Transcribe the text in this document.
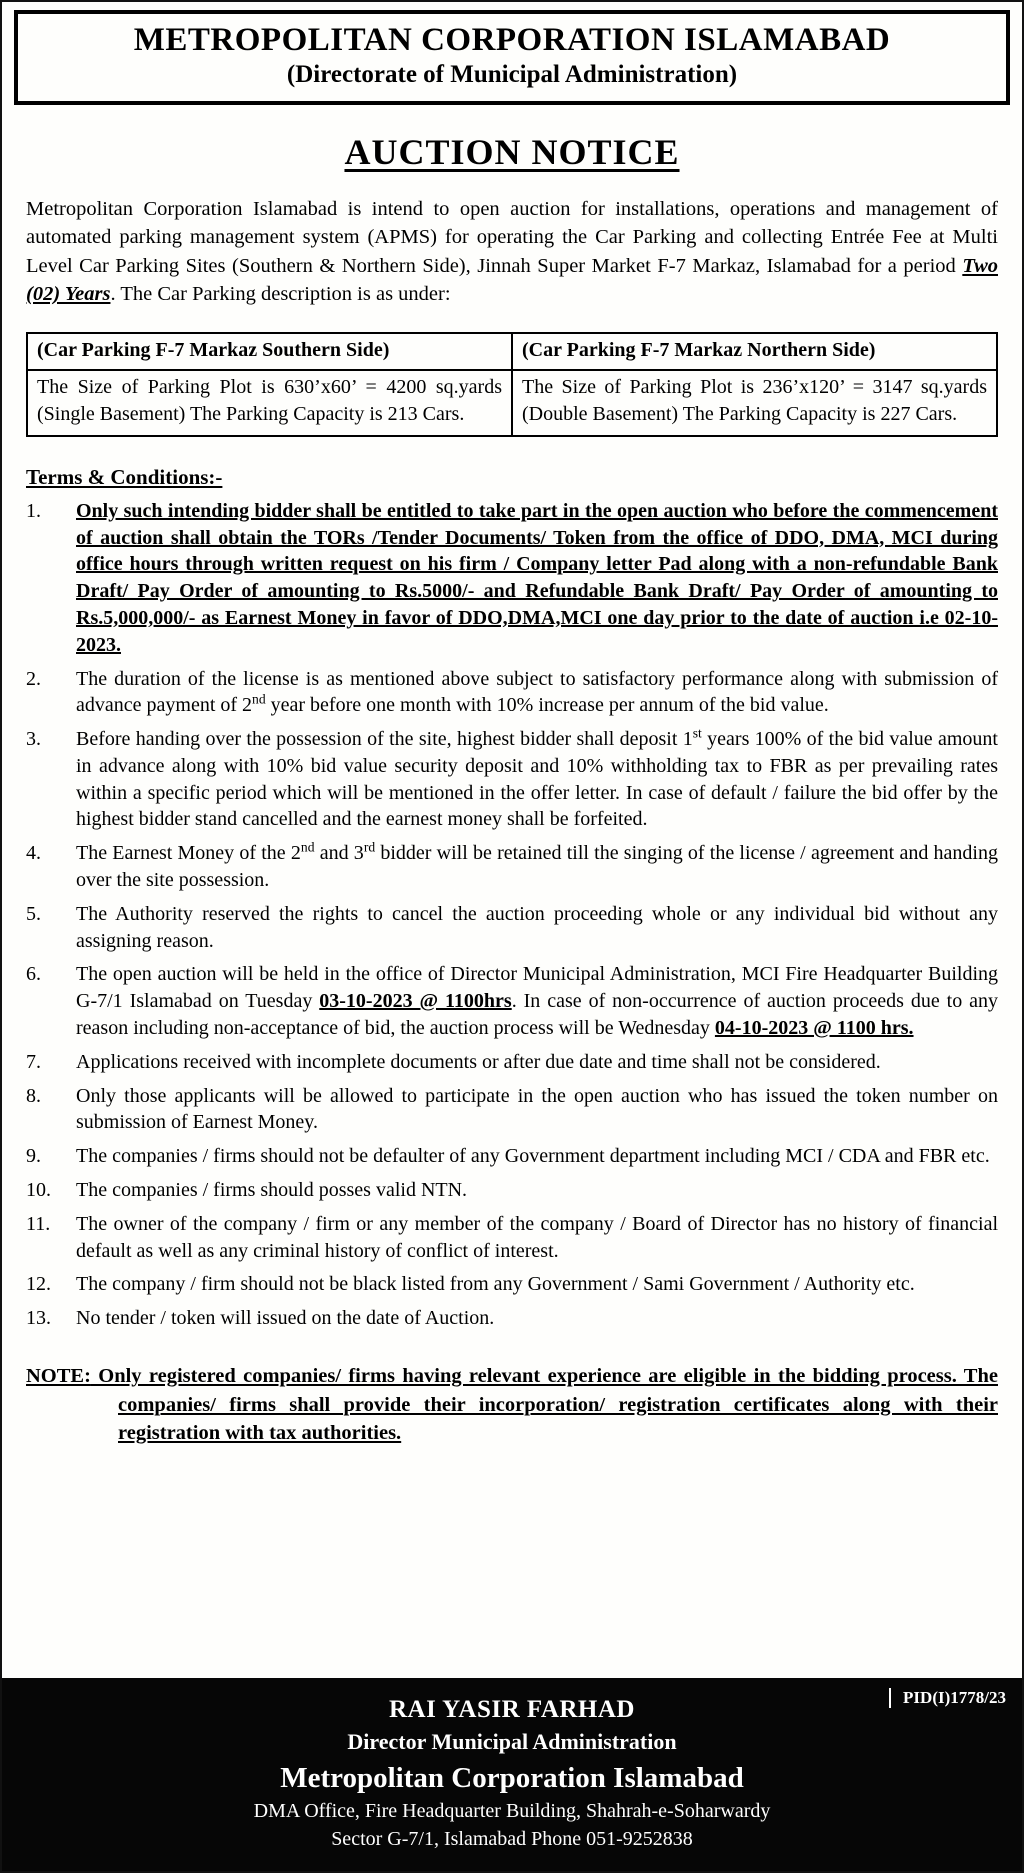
METROPOLITAN CORPORATION ISLAMABAD
(Directorate of Municipal Administration)
AUCTION NOTICE

Metropolitan Corporation Islamabad is intend to open auction for installations, operations and management of automated parking management system (APMS) for operating the Car Parking and collecting Entrée Fee at Multi Level Car Parking Sites (Southern & Northern Side), Jinnah Super Market F-7 Markaz, Islamabad for a period Two (02) Years. The Car Parking description is as under:

(Car Parking F-7 Markaz Southern Side)	(Car Parking F-7 Markaz Northern Side)
The Size of Parking Plot is 630’x60’ = 4200 sq.yards (Single Basement) The Parking Capacity is 213 Cars.	The Size of Parking Plot is 236’x120’ = 3147 sq.yards (Double Basement) The Parking Capacity is 227 Cars.
Terms & Conditions:-
1.	Only such intending bidder shall be entitled to take part in the open auction who before the commencement of auction shall obtain the TORs /Tender Documents/ Token from the office of DDO, DMA, MCI during office hours through written request on his firm / Company letter Pad along with a non-refundable Bank Draft/ Pay Order of amounting to Rs.5000/- and Refundable Bank Draft/ Pay Order of amounting to Rs.5,000,000/- as Earnest Money in favor of DDO,DMA,MCI one day prior to the date of auction i.e 02-10-2023.
2.	The duration of the license is as mentioned above subject to satisfactory performance along with submission of advance payment of 2nd year before one month with 10% increase per annum of the bid value.
3.	Before handing over the possession of the site, highest bidder shall deposit 1st years 100% of the bid value amount in advance along with 10% bid value security deposit and 10% withholding tax to FBR as per prevailing rates within a specific period which will be mentioned in the offer letter. In case of default / failure the bid offer by the highest bidder stand cancelled and the earnest money shall be forfeited.
4.	The Earnest Money of the 2nd and 3rd bidder will be retained till the singing of the license / agreement and handing over the site possession.
5.	The Authority reserved the rights to cancel the auction proceeding whole or any individual bid without any assigning reason.
6.	The open auction will be held in the office of Director Municipal Administration, MCI Fire Headquarter Building G-7/1 Islamabad on Tuesday 03-10-2023 @ 1100hrs. In case of non-occurrence of auction proceeds due to any reason including non-acceptance of bid, the auction process will be Wednesday 04-10-2023 @ 1100 hrs.
7.	Applications received with incomplete documents or after due date and time shall not be considered.
8.	Only those applicants will be allowed to participate in the open auction who has issued the token number on submission of Earnest Money.
9.	The companies / firms should not be defaulter of any Government department including MCI / CDA and FBR etc.
10.	The companies / firms should posses valid NTN.
11.	The owner of the company / firm or any member of the company / Board of Director has no history of financial default as well as any criminal history of conflict of interest.
12.	The company / firm should not be black listed from any Government / Sami Government / Authority etc.
13.	No tender / token will issued on the date of Auction.

NOTE: Only registered companies/ firms having relevant experience are eligible in the bidding process. The companies/ firms shall provide their incorporation/ registration certificates along with their registration with tax authorities.

PID(I)1778/23
RAI YASIR FARHAD
Director Municipal Administration
Metropolitan Corporation Islamabad
DMA Office, Fire Headquarter Building, Shahrah-e-Soharwardy
Sector G-7/1, Islamabad Phone 051-9252838
